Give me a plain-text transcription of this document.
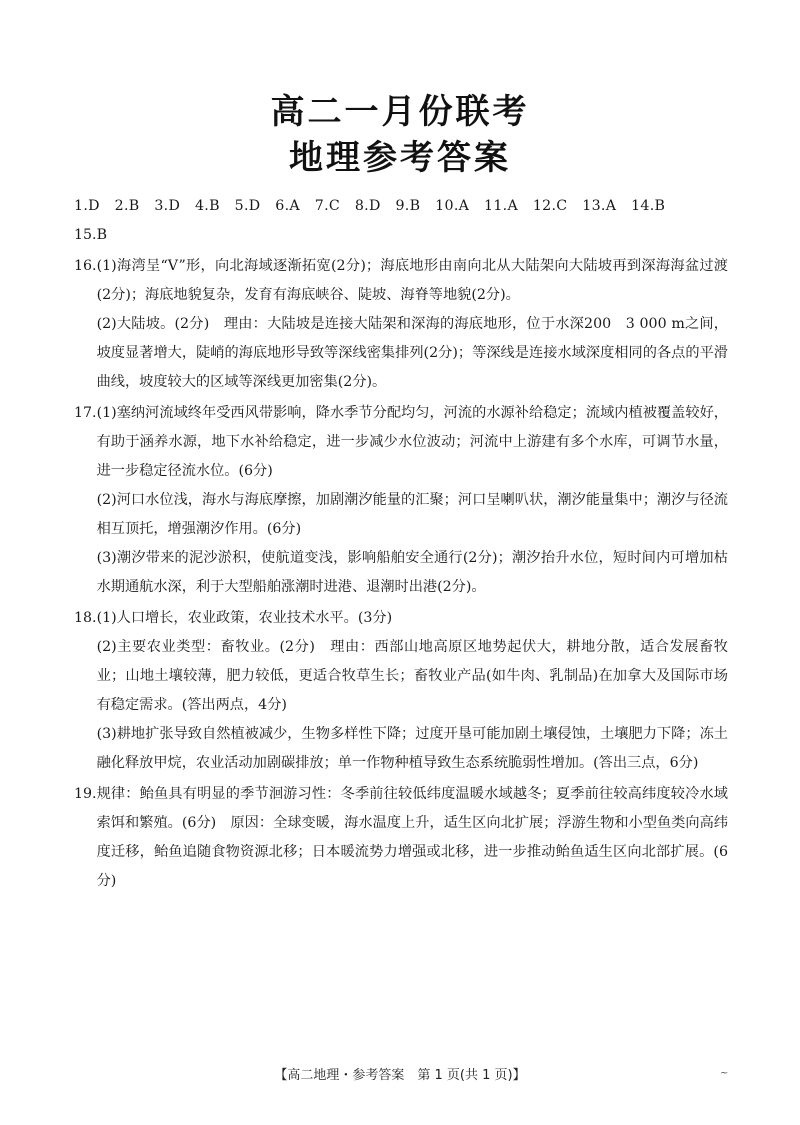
高二一月份联考
地理参考答案
1.D 2.B 3.D 4.B 5.D 6.A 7.C 8.D 9.B 10.A 11.A 12.C 13.A 14.B
15.B
16. (1)海湾呈“V”形，向北海域逐渐拓宽(2分)；海底地形由南向北从大陆架向大陆坡再到深海海盆过渡(2分)；海底地貌复杂，发育有海底峡谷、陡坡、海脊等地貌(2分)。
(2)大陆坡。(2分)　理由：大陆坡是连接大陆架和深海的海底地形，位于水深200　3 000 m之间，坡度显著增大，陡峭的海底地形导致等深线密集排列(2分)；等深线是连接水域深度相同的各点的平滑曲线，坡度较大的区域等深线更加密集(2分)。
17. (1)塞纳河流域终年受西风带影响，降水季节分配均匀，河流的水源补给稳定；流域内植被覆盖较好，有助于涵养水源，地下水补给稳定，进一步减少水位波动；河流中上游建有多个水库，可调节水量，进一步稳定径流水位。(6分)
(2)河口水位浅，海水与海底摩擦，加剧潮汐能量的汇聚；河口呈喇叭状，潮汐能量集中；潮汐与径流相互顶托，增强潮汐作用。(6分)
(3)潮汐带来的泥沙淤积，使航道变浅，影响船舶安全通行(2分)；潮汐抬升水位，短时间内可增加枯水期通航水深，利于大型船舶涨潮时进港、退潮时出港(2分)。
18. (1)人口增长，农业政策，农业技术水平。(3分)
(2)主要农业类型：畜牧业。(2分)　理由：西部山地高原区地势起伏大，耕地分散，适合发展畜牧业；山地土壤较薄，肥力较低，更适合牧草生长；畜牧业产品(如牛肉、乳制品)在加拿大及国际市场有稳定需求。(答出两点，4分)
(3)耕地扩张导致自然植被减少，生物多样性下降；过度开垦可能加剧土壤侵蚀，土壤肥力下降；冻土融化释放甲烷，农业活动加剧碳排放；单一作物种植导致生态系统脆弱性增加。(答出三点，6分)
19. 规律：鲐鱼具有明显的季节洄游习性：冬季前往较低纬度温暖水域越冬；夏季前往较高纬度较冷水域索饵和繁殖。(6分)　原因：全球变暖，海水温度上升，适生区向北扩展；浮游生物和小型鱼类向高纬度迁移，鲐鱼追随食物资源北移；日本暖流势力增强或北移，进一步推动鲐鱼适生区向北部扩展。(6分)
【高二地理・参考答案　第 1 页(共 1 页)】	~
